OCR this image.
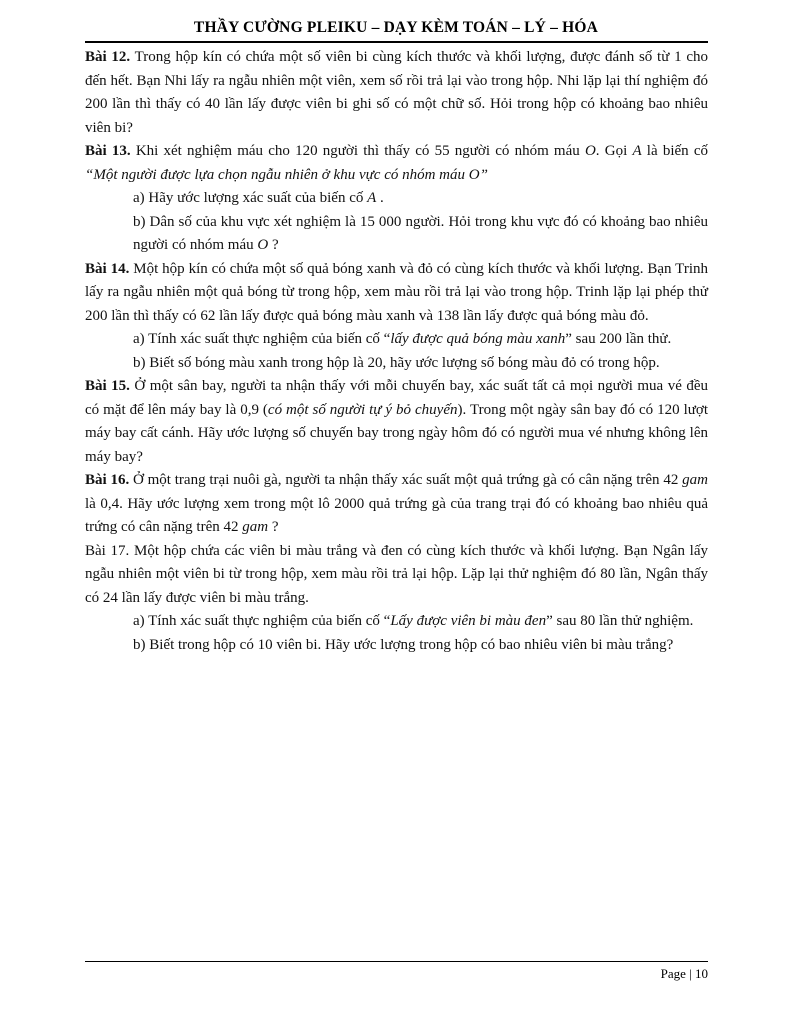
THẦY CƯỜNG PLEIKU – DẠY KÈM TOÁN – LÝ – HÓA

Bài 12. Trong hộp kín có chứa một số viên bi cùng kích thước và khối lượng, được đánh số từ 1 cho đến hết. Bạn Nhi lấy ra ngẫu nhiên một viên, xem số rồi trả lại vào trong hộp. Nhi lặp lại thí nghiệm đó 200 lần thì thấy có 40 lần lấy được viên bi ghi số có một chữ số. Hỏi trong hộp có khoảng bao nhiêu viên bi?

Bài 13. Khi xét nghiệm máu cho 120 người thì thấy có 55 người có nhóm máu O. Gọi A là biến cố “Một người được lựa chọn ngẫu nhiên ở khu vực có nhóm máu O”

a) Hãy ước lượng xác suất của biến cố A .

b) Dân số của khu vực xét nghiệm là 15 000 người. Hỏi trong khu vực đó có khoảng bao nhiêu người có nhóm máu O ?

Bài 14. Một hộp kín có chứa một số quả bóng xanh và đỏ có cùng kích thước và khối lượng. Bạn Trinh lấy ra ngẫu nhiên một quả bóng từ trong hộp, xem màu rồi trả lại vào trong hộp. Trinh lặp lại phép thử 200 lần thì thấy có 62 lần lấy được quả bóng màu xanh và 138 lần lấy được quả bóng màu đỏ.

a) Tính xác suất thực nghiệm của biến cố “lấy được quả bóng màu xanh” sau 200 lần thử.

b) Biết số bóng màu xanh trong hộp là 20, hãy ước lượng số bóng màu đỏ có trong hộp.

Bài 15. Ở một sân bay, người ta nhận thấy với mỗi chuyến bay, xác suất tất cả mọi người mua vé đều có mặt để lên máy bay là 0,9 (có một số người tự ý bỏ chuyến). Trong một ngày sân bay đó có 120 lượt máy bay cất cánh. Hãy ước lượng số chuyến bay trong ngày hôm đó có người mua vé nhưng không lên máy bay?

Bài 16. Ở một trang trại nuôi gà, người ta nhận thấy xác suất một quả trứng gà có cân nặng trên 42 gam là 0,4. Hãy ước lượng xem trong một lô 2000 quả trứng gà của trang trại đó có khoảng bao nhiêu quả trứng có cân nặng trên 42 gam ?

Bài 17. Một hộp chứa các viên bi màu trắng và đen có cùng kích thước và khối lượng. Bạn Ngân lấy ngẫu nhiên một viên bi từ trong hộp, xem màu rồi trả lại hộp. Lặp lại thử nghiệm đó 80 lần, Ngân thấy có 24 lần lấy được viên bi màu trắng.

a) Tính xác suất thực nghiệm của biến cố “Lấy được viên bi màu đen” sau 80 lần thử nghiệm.

b) Biết trong hộp có 10 viên bi. Hãy ước lượng trong hộp có bao nhiêu viên bi màu trắng?

Page | 10
